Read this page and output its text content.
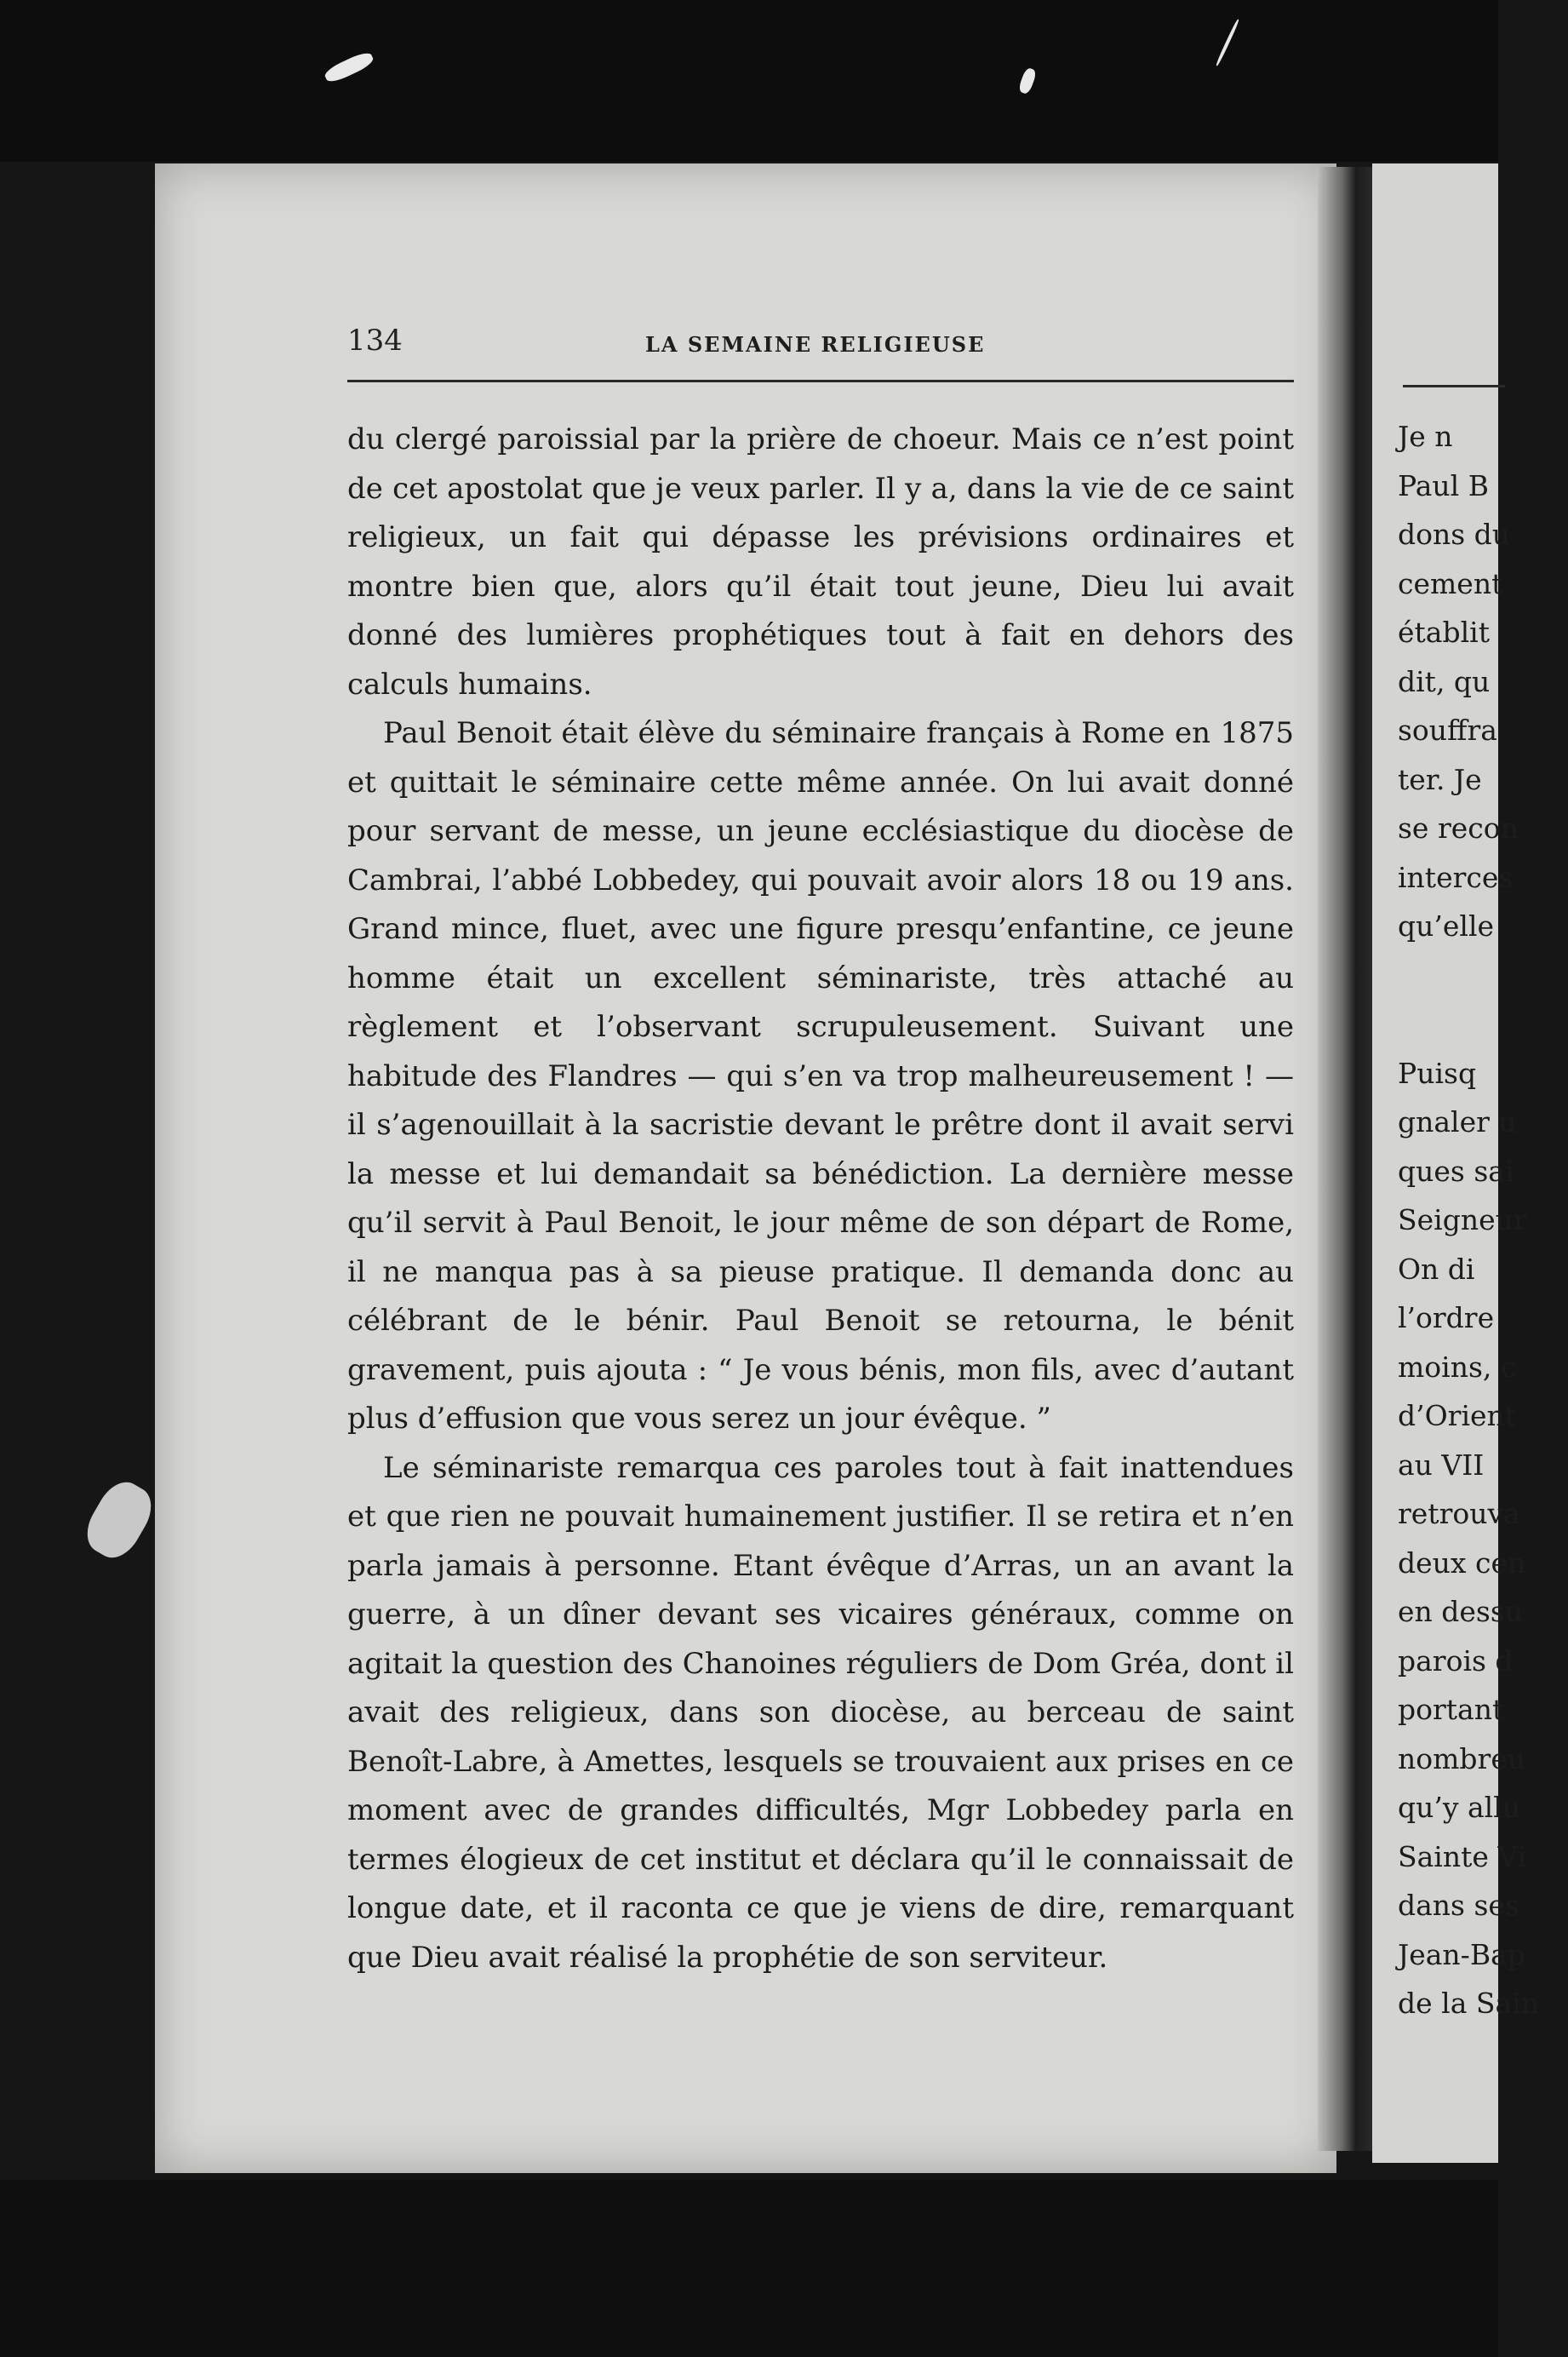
Je n
Paul B
dons du
cement
établit
dit, qu
souffra
ter. Je
se recon
interces
qu’elle
Puisq
gnaler u
ques sai
Seigneur
On di
l’ordre
moins, c
d’Orient
au VII
retrouva
deux cen
en dessu
parois d
portant
nombreu
qu’y allu
Sainte Vi
dans ses
Jean-Bap
de la Sain
134	LA SEMAINE RELIGIEUSE

du clergé paroissial par la prière de choeur. Mais ce n’est point de cet apostolat que je veux parler. Il y a, dans la vie de ce saint religieux, un fait qui dépasse les prévisions ordinaires et montre bien que, alors qu’il était tout jeune, Dieu lui avait donné des lumières prophétiques tout à fait en dehors des calculs humains.

Paul Benoit était élève du séminaire français à Rome en 1875 et quittait le séminaire cette même année. On lui avait donné pour servant de messe, un jeune ecclésiastique du diocèse de Cambrai, l’abbé Lobbedey, qui pouvait avoir alors 18 ou 19 ans. Grand mince, fluet, avec une figure presqu’enfantine, ce jeune homme était un excellent séminariste, très attaché au règlement et l’observant scrupuleusement. Suivant une habitude des Flandres — qui s’en va trop malheureusement ! — il s’agenouillait à la sacristie devant le prêtre dont il avait servi la messe et lui demandait sa bénédiction. La dernière messe qu’il servit à Paul Benoit, le jour même de son départ de Rome, il ne manqua pas à sa pieuse pratique. Il demanda donc au célébrant de le bénir. Paul Benoit se retourna, le bénit gravement, puis ajouta : “ Je vous bénis, mon fils, avec d’autant plus d’effusion que vous serez un jour évêque. ”

Le séminariste remarqua ces paroles tout à fait inattendues et que rien ne pouvait humainement justifier. Il se retira et n’en parla jamais à personne. Etant évêque d’Arras, un an avant la guerre, à un dîner devant ses vicaires généraux, comme on agitait la question des Chanoines réguliers de Dom Gréa, dont il avait des religieux, dans son diocèse, au berceau de saint Benoît-Labre, à Amettes, lesquels se trouvaient aux prises en ce moment avec de grandes difficultés, Mgr Lobbedey parla en termes élogieux de cet institut et déclara qu’il le connaissait de longue date, et il raconta ce que je viens de dire, remarquant que Dieu avait réalisé la prophétie de son serviteur.
